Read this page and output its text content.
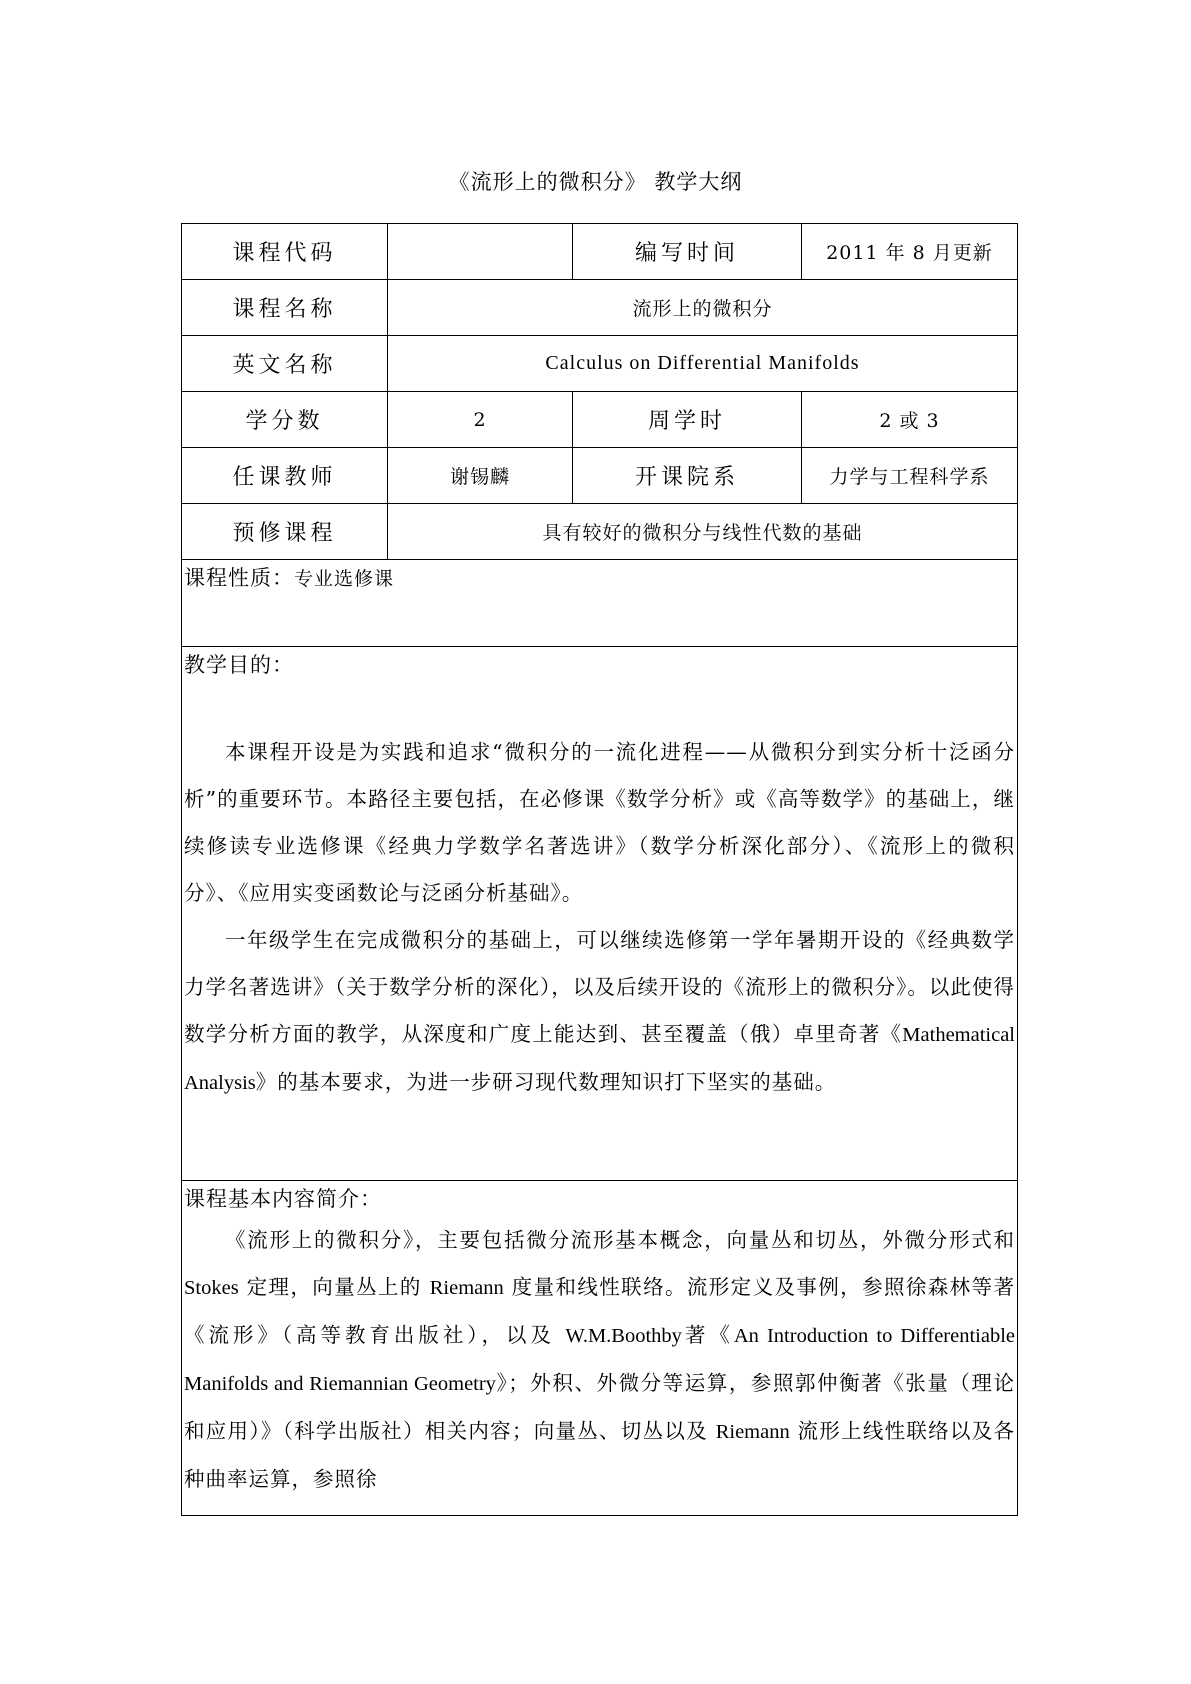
《流形上的微积分》 教学大纲
课程代码		编写时间	2011 年 8 月更新
课程名称	流形上的微积分		
英文名称	Calculus on Differential Manifolds		
学分数	2	周学时	2 或 3
任课教师	谢锡麟	开课院系	力学与工程科学系
预修课程	具有较好的微积分与线性代数的基础		

课程性质：专业选修课			

教学目的：

本课程开设是为实践和追求“微积分的一流化进程——从微积分到实分析十泛函分析”的重要环节。本路径主要包括，在必修课《数学分析》或《高等数学》的基础上，继续修读专业选修课《经典力学数学名著选讲》（数学分析深化部分）、《流形上的微积分》、《应用实变函数论与泛函分析基础》。

一年级学生在完成微积分的基础上，可以继续选修第一学年暑期开设的《经典数学力学名著选讲》（关于数学分析的深化），以及后续开设的《流形上的微积分》。以此使得数学分析方面的教学，从深度和广度上能达到、甚至覆盖（俄）卓里奇著《Mathematical Analysis》的基本要求，为进一步研习现代数理知识打下坚实的基础。			

课程基本内容简介：

《流形上的微积分》，主要包括微分流形基本概念，向量丛和切丛，外微分形式和 Stokes 定理，向量丛上的 Riemann 度量和线性联络。流形定义及事例，参照徐森林等著《流形》（高等教育出版社），以及 W.M.Boothby著《An Introduction to Differentiable Manifolds and Riemannian Geometry》；外积、外微分等运算，参照郭仲衡著《张量（理论和应用）》（科学出版社）相关内容；向量丛、切丛以及 Riemann 流形上线性联络以及各种曲率运算，参照徐			
